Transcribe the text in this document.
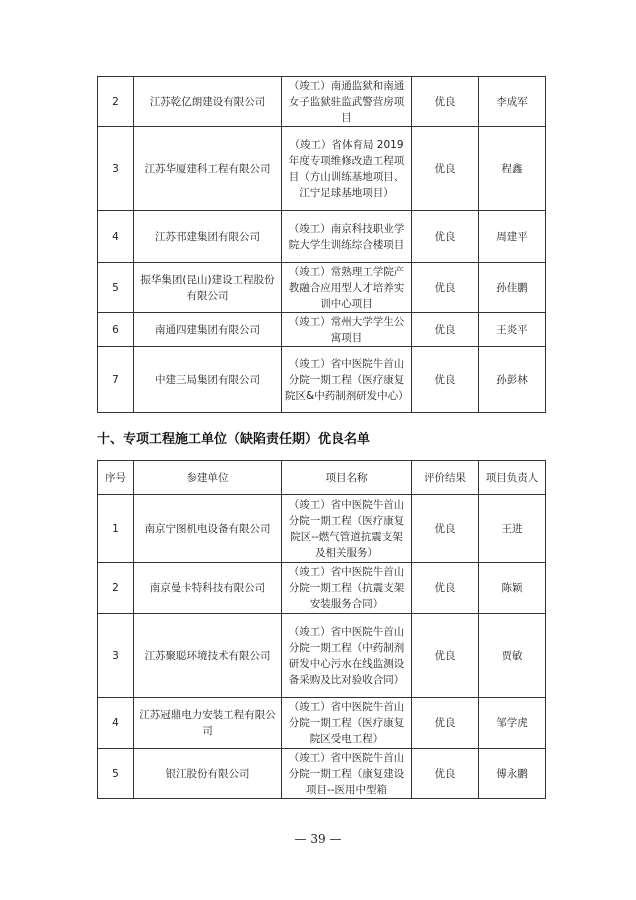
2	江苏乾亿朗建设有限公司	（竣工）南通监狱和南通女子监狱驻监武警营房项目	优良	李成军
3	江苏华厦建科工程有限公司	（竣工）省体育局 2019 年度专项维修改造工程项目（方山训练基地项目、江宁足球基地项目）	优良	程鑫
4	江苏邗建集团有限公司	（竣工）南京科技职业学院大学生训练综合楼项目	优良	周建平
5	振华集团(昆山)建设工程股份有限公司	（竣工）常熟理工学院产教融合应用型人才培养实训中心项目	优良	孙佳鹏
6	南通四建集团有限公司	（竣工）常州大学学生公寓项目	优良	王炎平
7	中建三局集团有限公司	（竣工）省中医院牛首山分院一期工程（医疗康复院区&中药制剂研发中心）	优良	孙彭林
十、专项工程施工单位（缺陷责任期）优良名单
序号	参建单位	项目名称	评价结果	项目负责人
1	南京宁图机电设备有限公司	（竣工）省中医院牛首山分院一期工程（医疗康复院区--燃气管道抗震支架及相关服务）	优良	王进
2	南京曼卡特科技有限公司	（竣工）省中医院牛首山分院一期工程（抗震支架安装服务合同）	优良	陈颖
3	江苏聚聪环境技术有限公司	（竣工）省中医院牛首山分院一期工程（中药制剂研发中心污水在线监测设备采购及比对验收合同）	优良	贾敏
4	江苏冠鼎电力安装工程有限公司	（竣工）省中医院牛首山分院一期工程（医疗康复院区受电工程）	优良	邹学虎
5	银江股份有限公司	（竣工）省中医院牛首山分院一期工程（康复建设项目--医用中型箱	优良	傅永鹏
— 39 —
